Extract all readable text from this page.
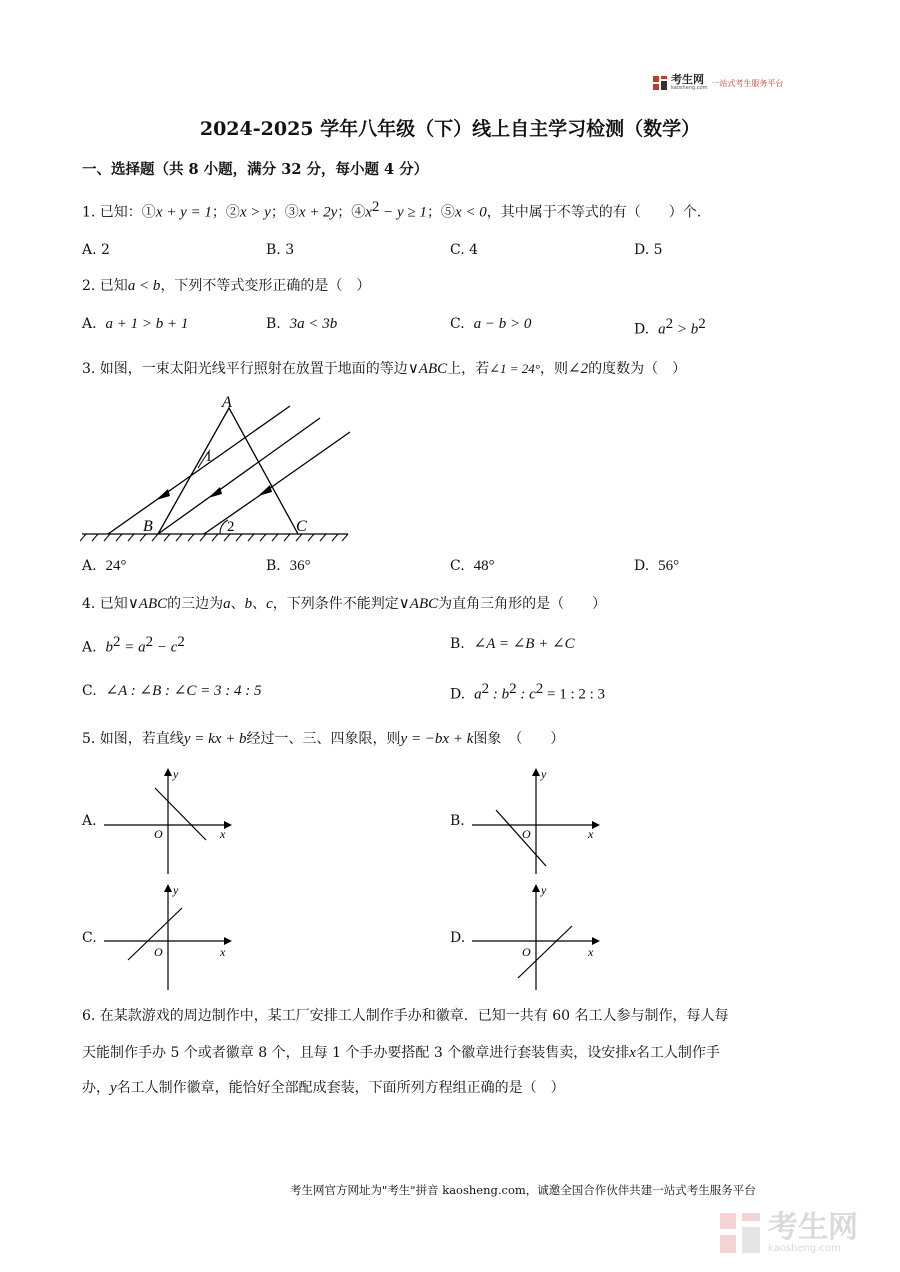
考生网
kaosheng.com
一站式考生服务平台
2024-2025 学年八年级（下）线上自主学习检测（数学）
一、选择题（共 8 小题，满分 32 分，每小题 4 分）
1. 已知：①x + y = 1；②x > y；③x + 2y；$④x^2 - y \ge 1$；⑤x < 0，其中属于不等式的有（　　）个.
A. 2	B. 3	C. 4	D. 5
2. 已知a < b，下列不等式变形正确的是（　）
A. a + 1 > b + 1	B. 3a < 3b	C. a − b > 0	D. $a^2 > b^2$
3. 如图，一束太阳光线平行照射在放置于地面的等边∨ABC上，若∠1 = 24°，则∠2的度数为（　）
A
B	C
1
2
A. 24°	B. 36°	C. 48°	D. 56°
4. 已知∨ABC的三边为a、b、c，下列条件不能判定∨ABC为直角三角形的是（　　）
A. $b^2 = a^2 - c^2$	B. ∠A = ∠B + ∠C
C. ∠A : ∠B : ∠C = 3 : 4 : 5	D. $a^2$ : $b^2$ : $c^2 = 1$ : 2 : 3
5. 如图，若直线y = kx + b经过一、三、四象限，则y = −bx + k图象　（　　）
A.
y
x
O
B.
y
x
O
C.
y
x
O
D.
y
x
O
6. 在某款游戏的周边制作中，某工厂安排工人制作手办和徽章．已知一共有 60 名工人参与制作，每人每
天能制作手办 5 个或者徽章 8 个，且每 1 个手办要搭配 3 个徽章进行套装售卖，设安排x名工人制作手
办，y名工人制作徽章，能恰好全部配成套装，下面所列方程组正确的是（　）
考生网官方网址为"考生"拼音 kaosheng.com，诚邀全国合作伙伴共建一站式考生服务平台
考生网
kaosheng.com
